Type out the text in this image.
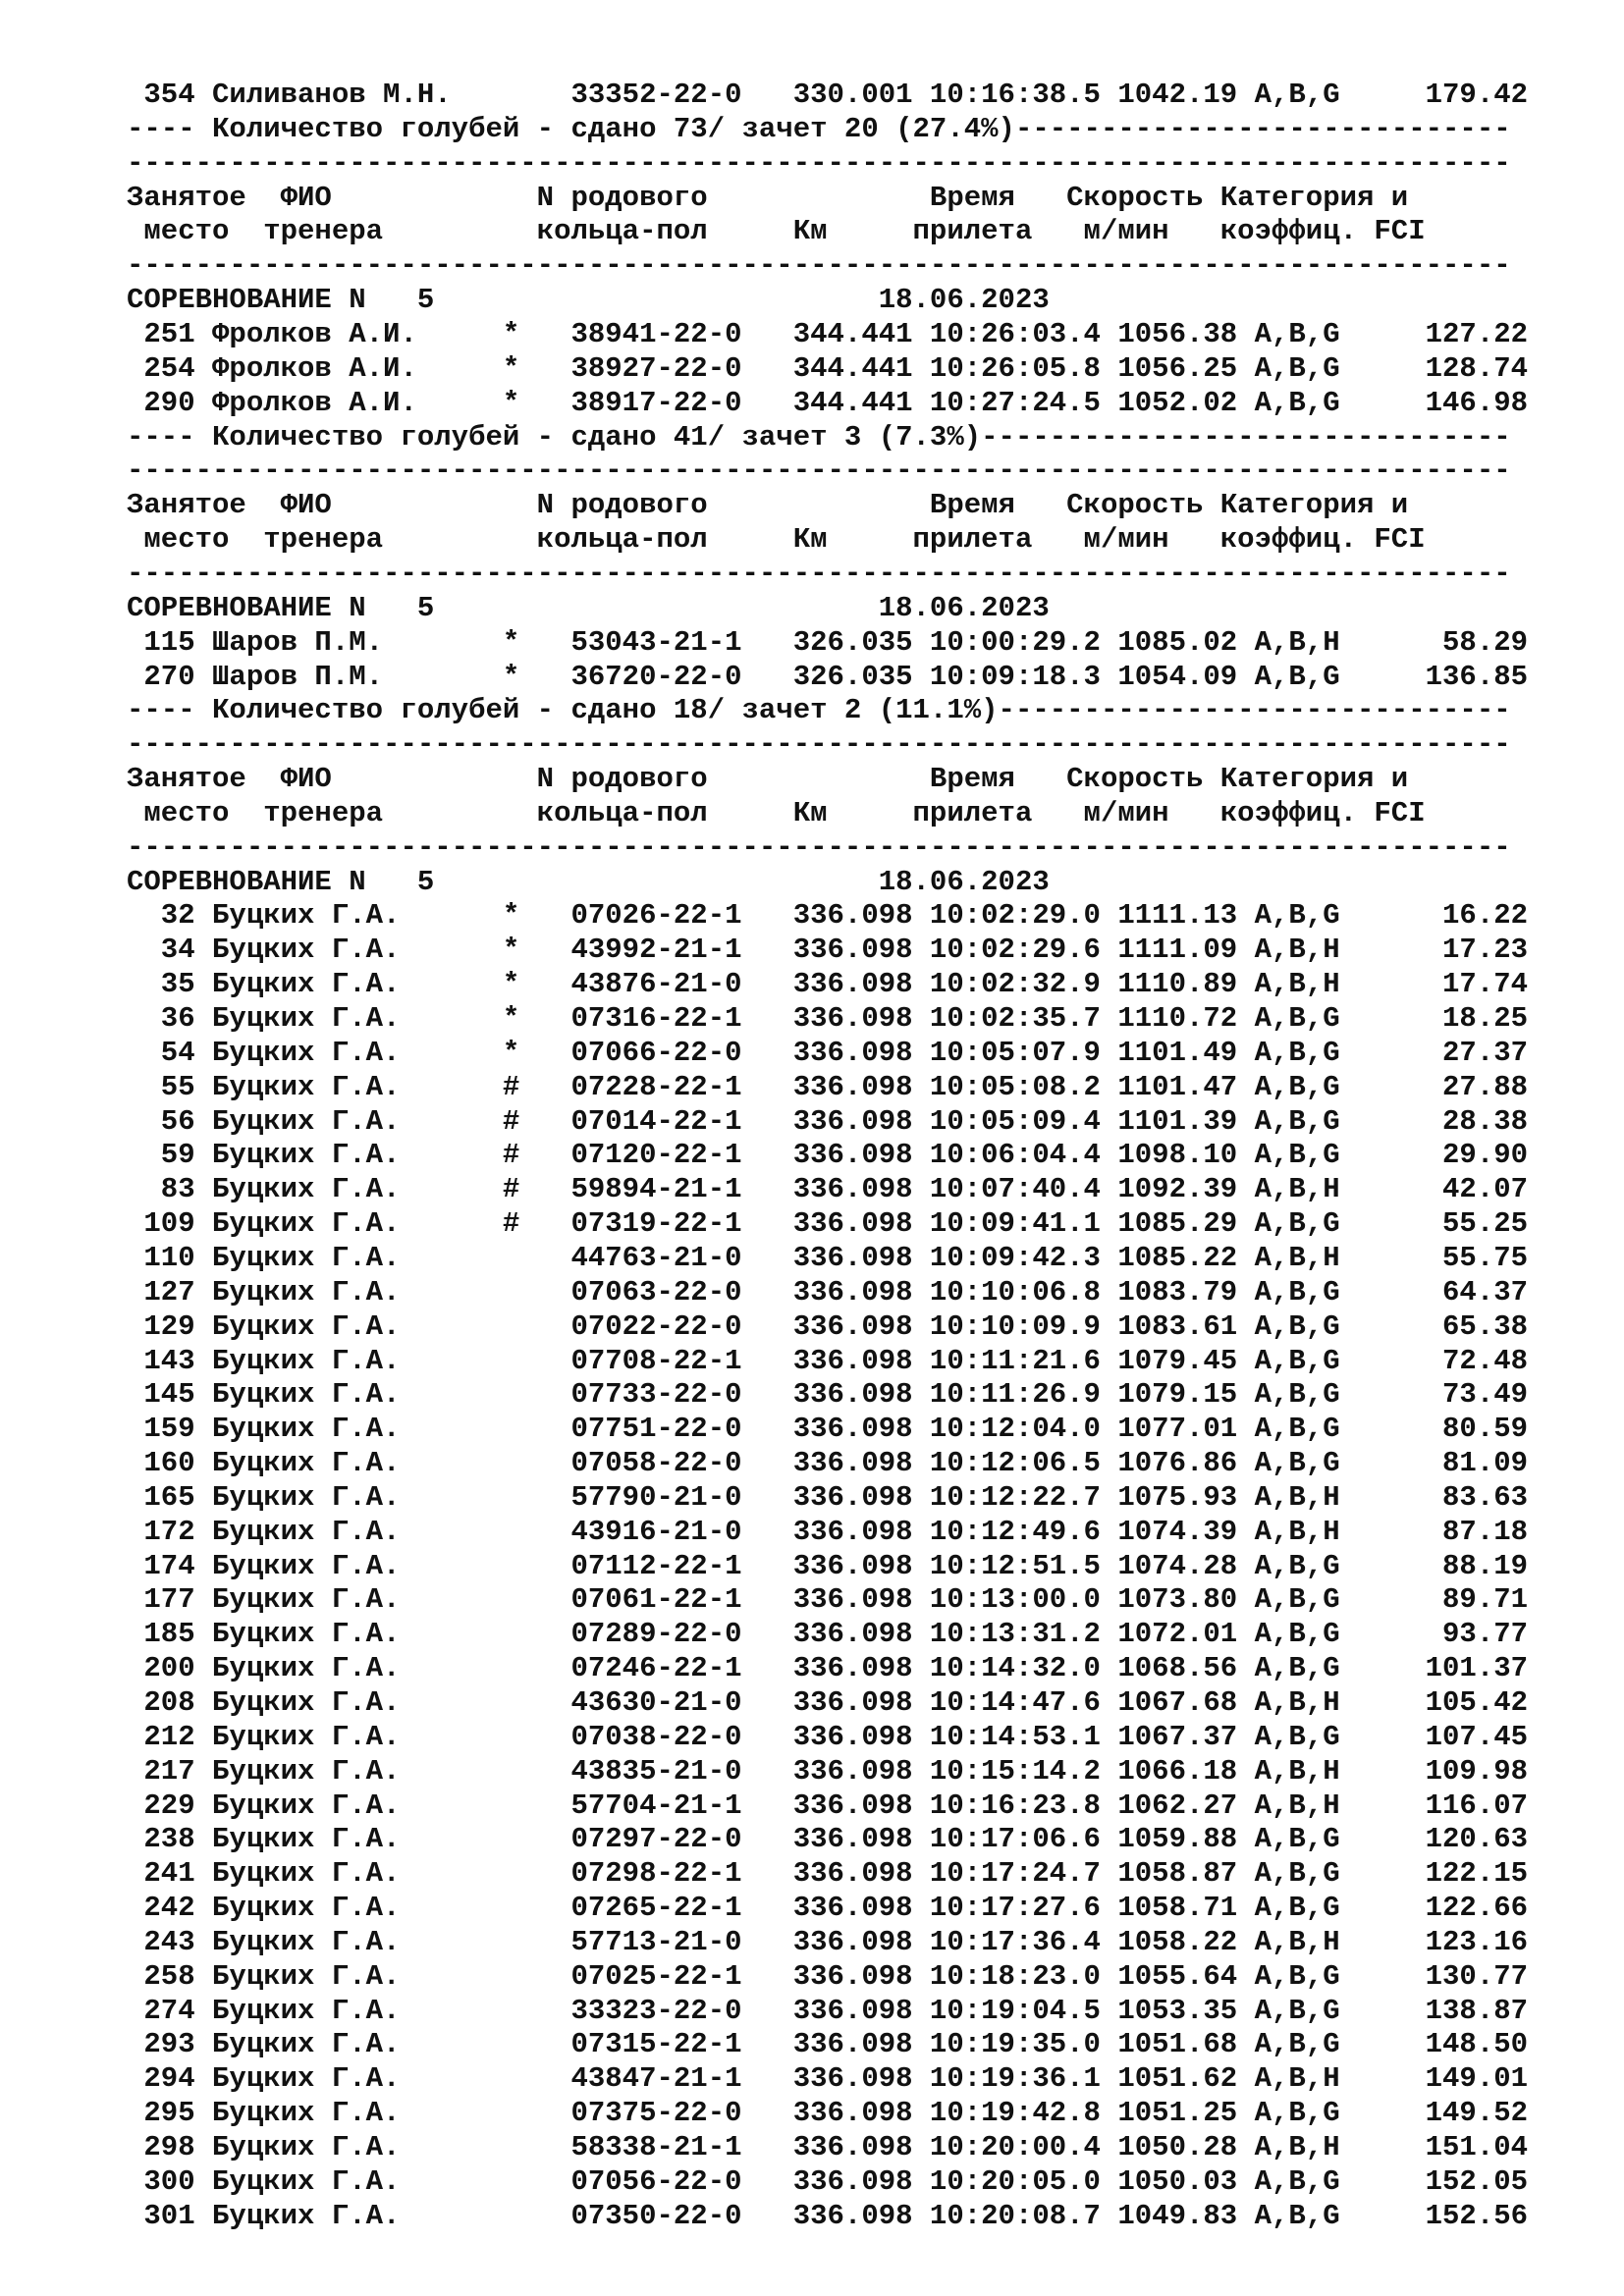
354 Силиванов М.Н.       33352-22-0   330.001 10:16:38.5 1042.19 A,B,G     179.42
---- Количество голубей - сдано 73/ зачет 20 (27.4%)-----------------------------
---------------------------------------------------------------------------------
Занятое  ФИО            N родового             Время   Скорость Категория и
место  тренера         кольца-пол     Км     прилета   м/мин   коэффиц. FCI
---------------------------------------------------------------------------------
СОРЕВНОВАНИЕ N   5                          18.06.2023
251 Фролков А.И.     *   38941-22-0   344.441 10:26:03.4 1056.38 A,B,G     127.22
254 Фролков А.И.     *   38927-22-0   344.441 10:26:05.8 1056.25 A,B,G     128.74
290 Фролков А.И.     *   38917-22-0   344.441 10:27:24.5 1052.02 A,B,G     146.98
---- Количество голубей - сдано 41/ зачет 3 (7.3%)-------------------------------
---------------------------------------------------------------------------------
Занятое  ФИО            N родового             Время   Скорость Категория и
место  тренера         кольца-пол     Км     прилета   м/мин   коэффиц. FCI
---------------------------------------------------------------------------------
СОРЕВНОВАНИЕ N   5                          18.06.2023
115 Шаров П.М.       *   53043-21-1   326.035 10:00:29.2 1085.02 A,B,H      58.29
270 Шаров П.М.       *   36720-22-0   326.035 10:09:18.3 1054.09 A,B,G     136.85
---- Количество голубей - сдано 18/ зачет 2 (11.1%)------------------------------
---------------------------------------------------------------------------------
Занятое  ФИО            N родового             Время   Скорость Категория и
место  тренера         кольца-пол     Км     прилета   м/мин   коэффиц. FCI
---------------------------------------------------------------------------------
СОРЕВНОВАНИЕ N   5                          18.06.2023
32 Буцких Г.А.      *   07026-22-1   336.098 10:02:29.0 1111.13 A,B,G      16.22
34 Буцких Г.А.      *   43992-21-1   336.098 10:02:29.6 1111.09 A,B,H      17.23
35 Буцких Г.А.      *   43876-21-0   336.098 10:02:32.9 1110.89 A,B,H      17.74
36 Буцких Г.А.      *   07316-22-1   336.098 10:02:35.7 1110.72 A,B,G      18.25
54 Буцких Г.А.      *   07066-22-0   336.098 10:05:07.9 1101.49 A,B,G      27.37
55 Буцких Г.А.      #   07228-22-1   336.098 10:05:08.2 1101.47 A,B,G      27.88
56 Буцких Г.А.      #   07014-22-1   336.098 10:05:09.4 1101.39 A,B,G      28.38
59 Буцких Г.А.      #   07120-22-1   336.098 10:06:04.4 1098.10 A,B,G      29.90
83 Буцких Г.А.      #   59894-21-1   336.098 10:07:40.4 1092.39 A,B,H      42.07
109 Буцких Г.А.      #   07319-22-1   336.098 10:09:41.1 1085.29 A,B,G      55.25
110 Буцких Г.А.          44763-21-0   336.098 10:09:42.3 1085.22 A,B,H      55.75
127 Буцких Г.А.          07063-22-0   336.098 10:10:06.8 1083.79 A,B,G      64.37
129 Буцких Г.А.          07022-22-0   336.098 10:10:09.9 1083.61 A,B,G      65.38
143 Буцких Г.А.          07708-22-1   336.098 10:11:21.6 1079.45 A,B,G      72.48
145 Буцких Г.А.          07733-22-0   336.098 10:11:26.9 1079.15 A,B,G      73.49
159 Буцких Г.А.          07751-22-0   336.098 10:12:04.0 1077.01 A,B,G      80.59
160 Буцких Г.А.          07058-22-0   336.098 10:12:06.5 1076.86 A,B,G      81.09
165 Буцких Г.А.          57790-21-0   336.098 10:12:22.7 1075.93 A,B,H      83.63
172 Буцких Г.А.          43916-21-0   336.098 10:12:49.6 1074.39 A,B,H      87.18
174 Буцких Г.А.          07112-22-1   336.098 10:12:51.5 1074.28 A,B,G      88.19
177 Буцких Г.А.          07061-22-1   336.098 10:13:00.0 1073.80 A,B,G      89.71
185 Буцких Г.А.          07289-22-0   336.098 10:13:31.2 1072.01 A,B,G      93.77
200 Буцких Г.А.          07246-22-1   336.098 10:14:32.0 1068.56 A,B,G     101.37
208 Буцких Г.А.          43630-21-0   336.098 10:14:47.6 1067.68 A,B,H     105.42
212 Буцких Г.А.          07038-22-0   336.098 10:14:53.1 1067.37 A,B,G     107.45
217 Буцких Г.А.          43835-21-0   336.098 10:15:14.2 1066.18 A,B,H     109.98
229 Буцких Г.А.          57704-21-1   336.098 10:16:23.8 1062.27 A,B,H     116.07
238 Буцких Г.А.          07297-22-0   336.098 10:17:06.6 1059.88 A,B,G     120.63
241 Буцких Г.А.          07298-22-1   336.098 10:17:24.7 1058.87 A,B,G     122.15
242 Буцких Г.А.          07265-22-1   336.098 10:17:27.6 1058.71 A,B,G     122.66
243 Буцких Г.А.          57713-21-0   336.098 10:17:36.4 1058.22 A,B,H     123.16
258 Буцких Г.А.          07025-22-1   336.098 10:18:23.0 1055.64 A,B,G     130.77
274 Буцких Г.А.          33323-22-0   336.098 10:19:04.5 1053.35 A,B,G     138.87
293 Буцких Г.А.          07315-22-1   336.098 10:19:35.0 1051.68 A,B,G     148.50
294 Буцких Г.А.          43847-21-1   336.098 10:19:36.1 1051.62 A,B,H     149.01
295 Буцких Г.А.          07375-22-0   336.098 10:19:42.8 1051.25 A,B,G     149.52
298 Буцких Г.А.          58338-21-1   336.098 10:20:00.4 1050.28 A,B,H     151.04
300 Буцких Г.А.          07056-22-0   336.098 10:20:05.0 1050.03 A,B,G     152.05
301 Буцких Г.А.          07350-22-0   336.098 10:20:08.7 1049.83 A,B,G     152.56
